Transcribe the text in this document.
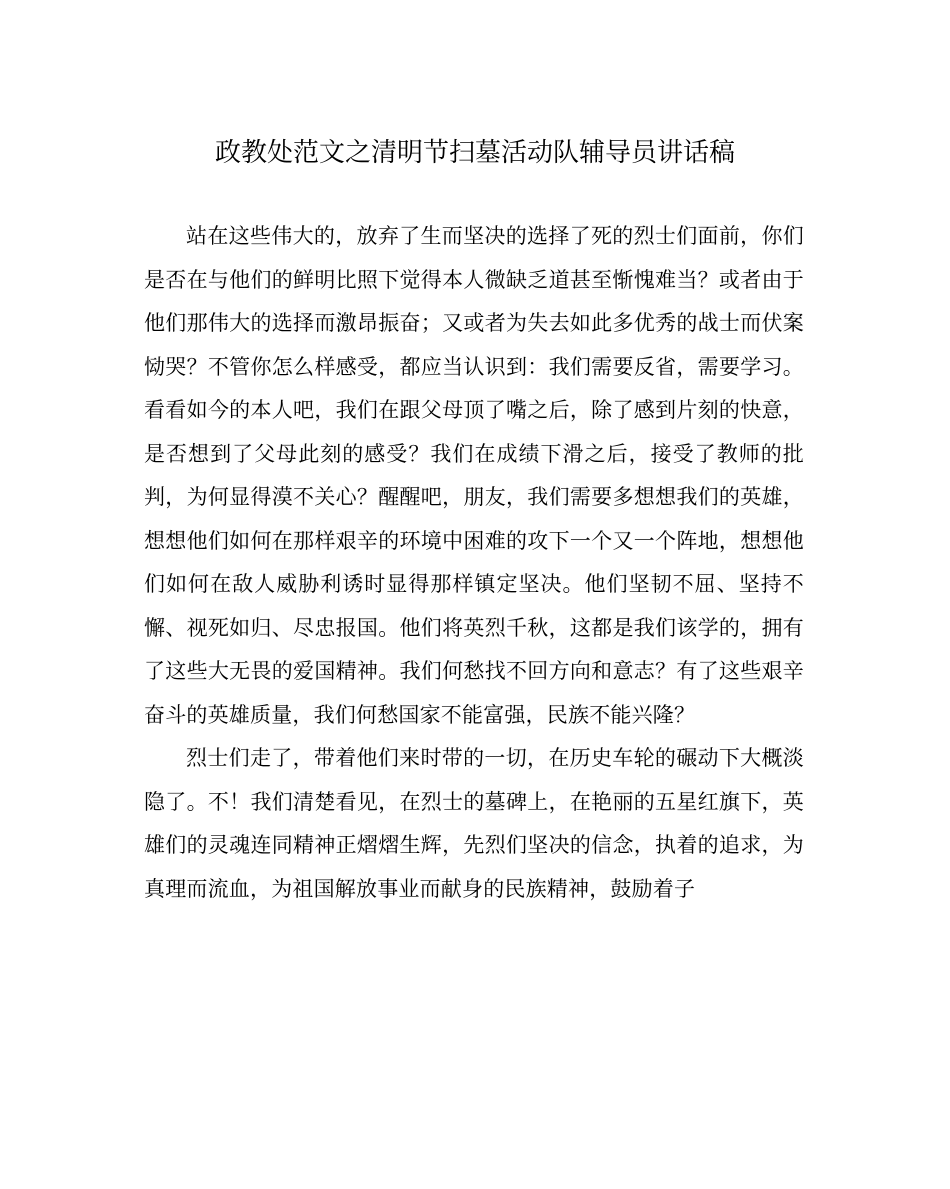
政教处范文之清明节扫墓活动队辅导员讲话稿

站在这些伟大的，放弃了生而坚决的选择了死的烈士们面前，你们是否在与他们的鲜明比照下觉得本人微缺乏道甚至惭愧难当？或者由于他们那伟大的选择而激昂振奋；又或者为失去如此多优秀的战士而伏案恸哭？不管你怎么样感受，都应当认识到：我们需要反省，需要学习。看看如今的本人吧，我们在跟父母顶了嘴之后，除了感到片刻的快意，是否想到了父母此刻的感受？我们在成绩下滑之后，接受了教师的批判，为何显得漠不关心？醒醒吧，朋友，我们需要多想想我们的英雄，想想他们如何在那样艰辛的环境中困难的攻下一个又一个阵地，想想他们如何在敌人威胁利诱时显得那样镇定坚决。他们坚韧不屈、坚持不懈、视死如归、尽忠报国。他们将英烈千秋，这都是我们该学的，拥有了这些大无畏的爱国精神。我们何愁找不回方向和意志？有了这些艰辛奋斗的英雄质量，我们何愁国家不能富强，民族不能兴隆？

烈士们走了，带着他们来时带的一切，在历史车轮的碾动下大概淡隐了。不！我们清楚看见，在烈士的墓碑上，在艳丽的五星红旗下，英雄们的灵魂连同精神正熠熠生辉，先烈们坚决的信念，执着的追求，为真理而流血，为祖国解放事业而献身的民族精神，鼓励着子
